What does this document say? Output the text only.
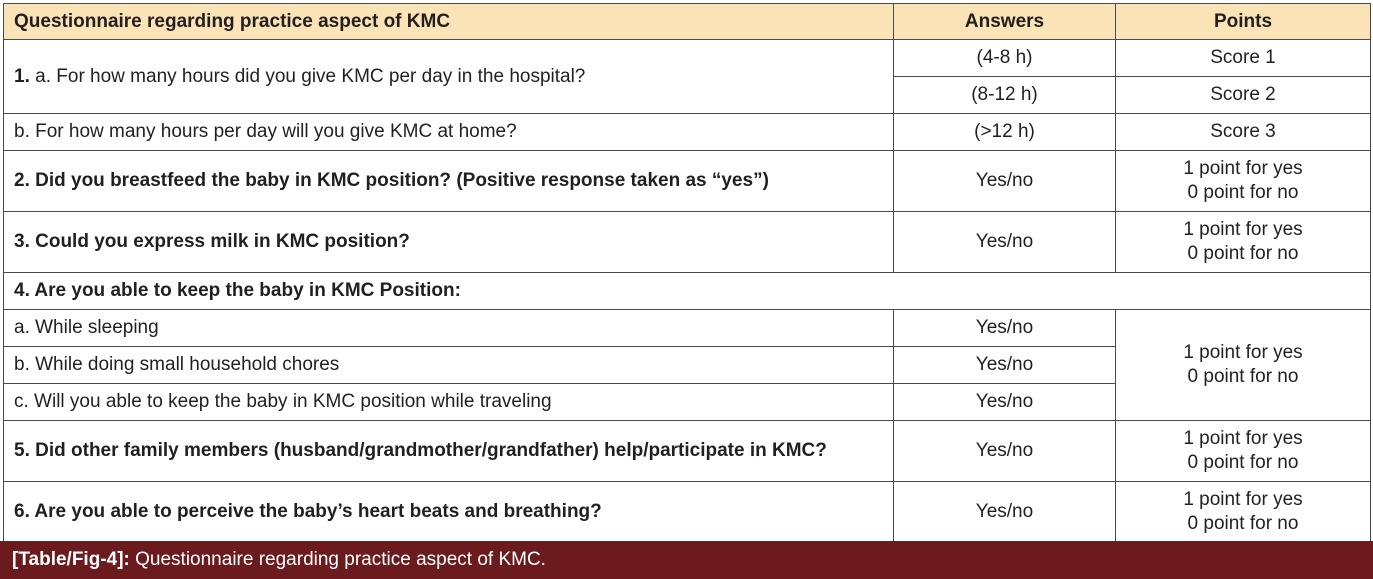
Questionnaire regarding practice aspect of KMC	Answers	Points
1. a. For how many hours did you give KMC per day in the hospital?	(4-8 h)	Score 1
	(8-12 h)	Score 2
b. For how many hours per day will you give KMC at home?	(>12 h)	Score 3
2. Did you breastfeed the baby in KMC position? (Positive response taken as “yes”)	Yes/no	1 point for yes
0 point for no
3. Could you express milk in KMC position?	Yes/no	1 point for yes
0 point for no
4. Are you able to keep the baby in KMC Position:		
a. While sleeping	Yes/no	1 point for yes
0 point for no
b. While doing small household chores	Yes/no	
c. Will you able to keep the baby in KMC position while traveling	Yes/no	
5. Did other family members (husband/grandmother/grandfather) help/participate in KMC?	Yes/no	1 point for yes
0 point for no
6. Are you able to perceive the baby’s heart beats and breathing?	Yes/no	1 point for yes
0 point for no
[Table/Fig-4]: Questionnaire regarding practice aspect of KMC.
